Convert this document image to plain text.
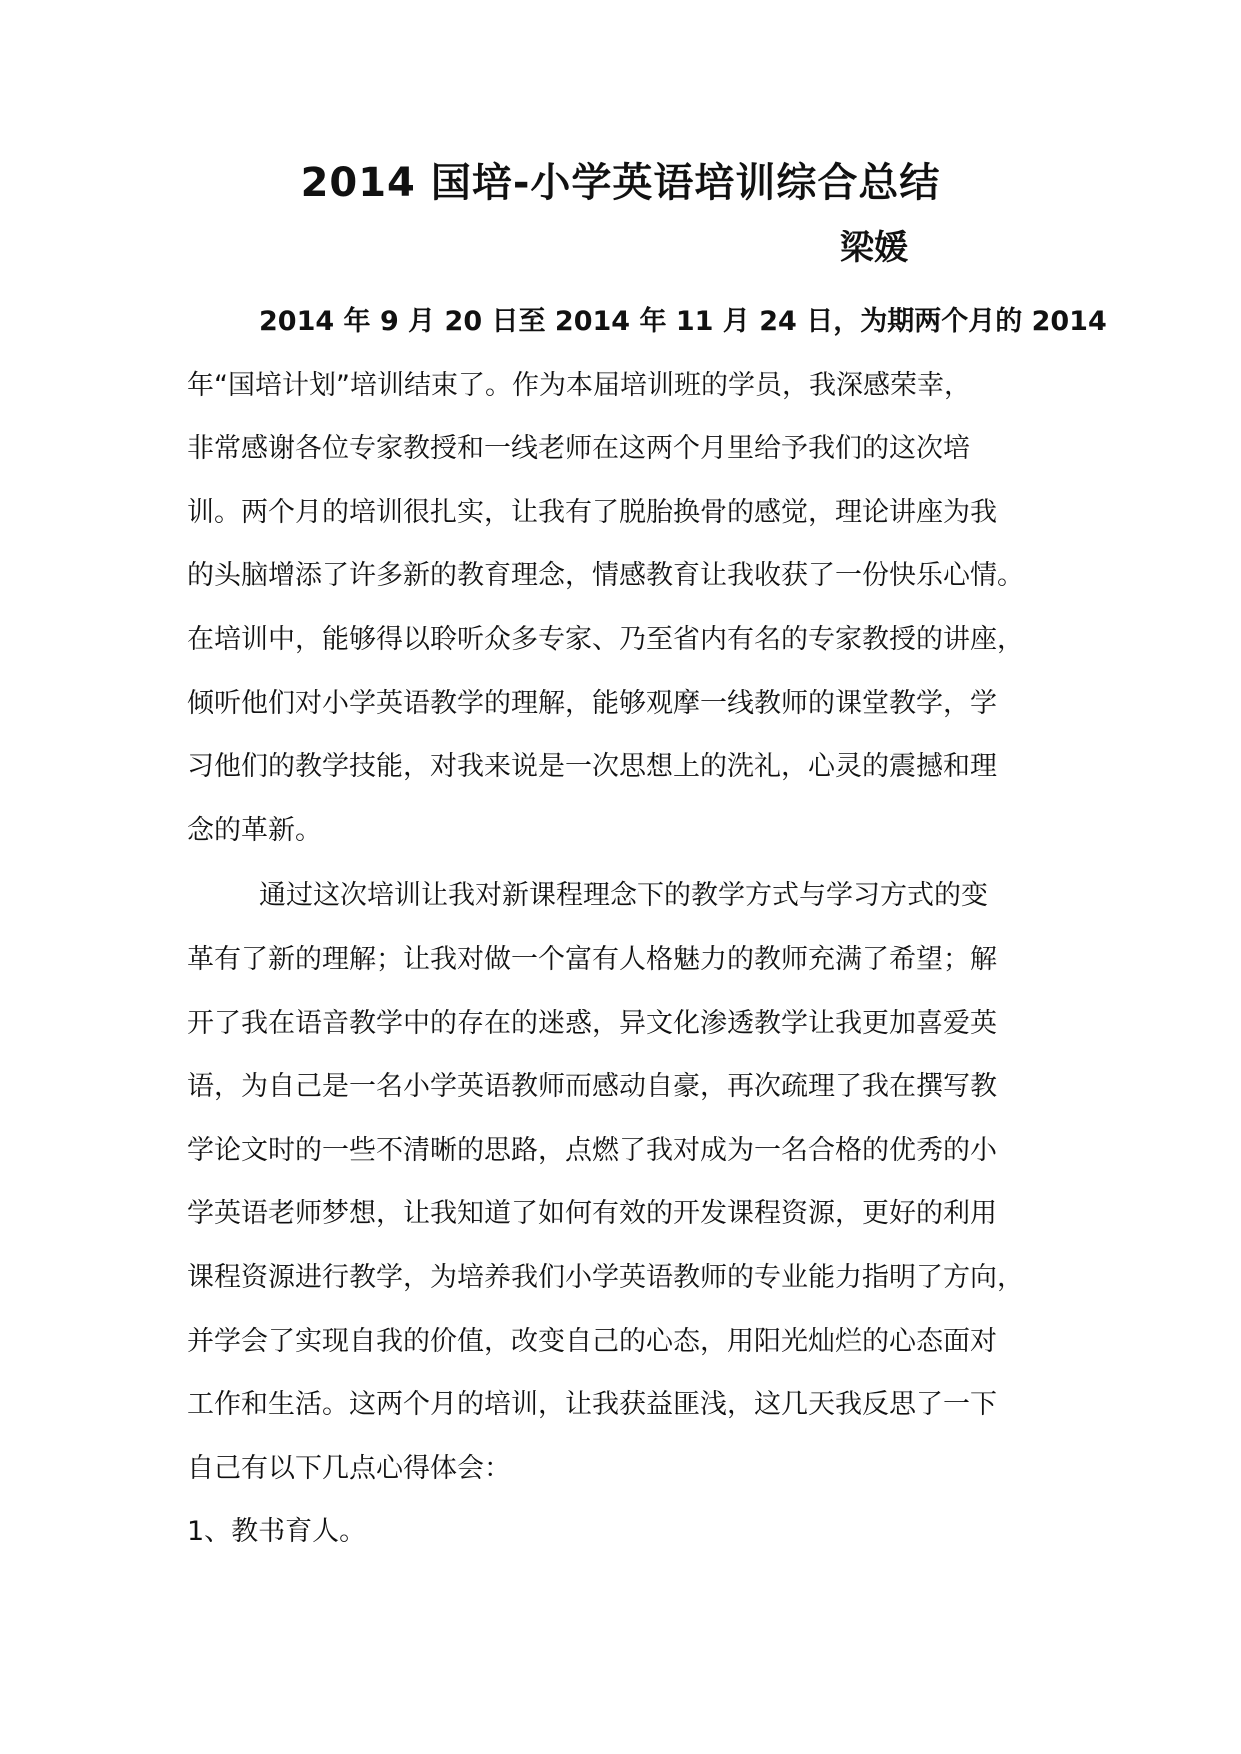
2014 国培-小学英语培训综合总结

梁媛

2014 年 9 月 20 日至 2014 年 11 月 24 日，为期两个月的 2014

年“国培计划”培训结束了。作为本届培训班的学员，我深感荣幸，

非常感谢各位专家教授和一线老师在这两个月里给予我们的这次培

训。两个月的培训很扎实，让我有了脱胎换骨的感觉，理论讲座为我

的头脑增添了许多新的教育理念，情感教育让我收获了一份快乐心情。

在培训中，能够得以聆听众多专家、乃至省内有名的专家教授的讲座，

倾听他们对小学英语教学的理解，能够观摩一线教师的课堂教学，学

习他们的教学技能，对我来说是一次思想上的洗礼，心灵的震撼和理

念的革新。

通过这次培训让我对新课程理念下的教学方式与学习方式的变

革有了新的理解；让我对做一个富有人格魅力的教师充满了希望；解

开了我在语音教学中的存在的迷惑，异文化渗透教学让我更加喜爱英

语，为自己是一名小学英语教师而感动自豪，再次疏理了我在撰写教

学论文时的一些不清晰的思路，点燃了我对成为一名合格的优秀的小

学英语老师梦想，让我知道了如何有效的开发课程资源，更好的利用

课程资源进行教学，为培养我们小学英语教师的专业能力指明了方向，

并学会了实现自我的价值，改变自己的心态，用阳光灿烂的心态面对

工作和生活。这两个月的培训，让我获益匪浅，这几天我反思了一下

自己有以下几点心得体会：

1、教书育人。
